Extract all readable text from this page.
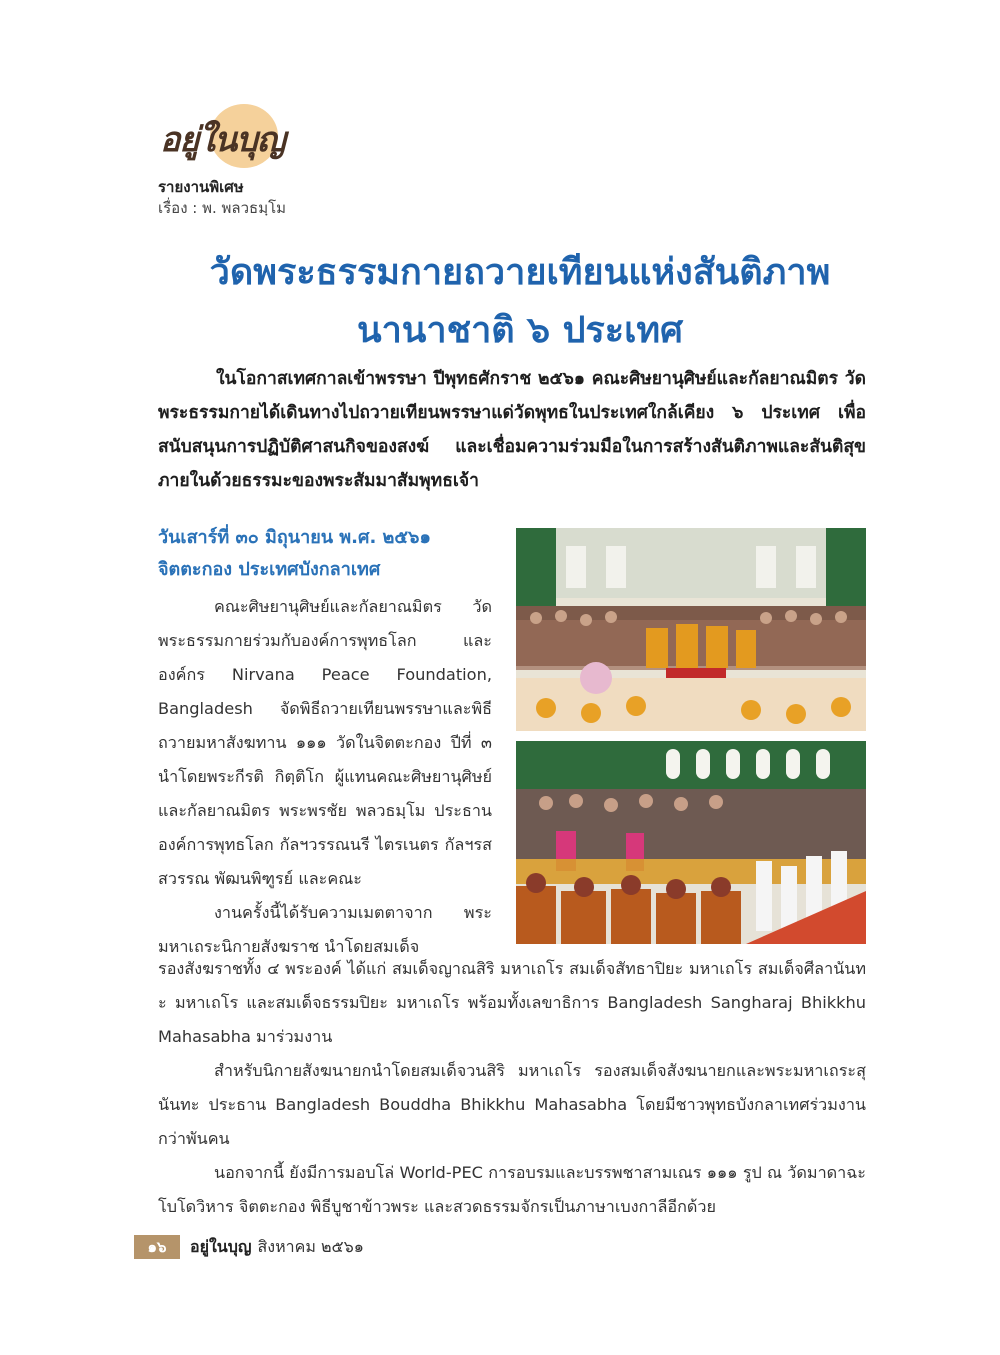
อยู่ในบุญ
รายงานพิเศษ
เรื่อง : พ. พลวธมฺโม
วัดพระธรรมกายถวายเทียนแห่งสันติภาพ
นานาชาติ ๖ ประเทศ
ในโอกาสเทศกาลเข้าพรรษา ปีพุทธศักราช ๒๕๖๑ คณะศิษยานุศิษย์และกัลยาณมิตร วัดพระธรรมกายได้เดินทางไปถวายเทียนพรรษาแด่วัดพุทธในประเทศใกล้เคียง ๖ ประเทศ เพื่อสนับสนุนการปฏิบัติศาสนกิจของสงฆ์ และเชื่อมความร่วมมือในการสร้างสันติภาพและสันติสุขภายในด้วยธรรมะของพระสัมมาสัมพุทธเจ้า
วันเสาร์ที่ ๓๐ มิถุนายน พ.ศ. ๒๕๖๑
จิตตะกอง ประเทศบังกลาเทศ

คณะศิษยานุศิษย์และกัลยาณมิตร วัดพระธรรมกายร่วมกับองค์การพุทธโลก และองค์กร Nirvana Peace Foundation, Bangladesh จัดพิธีถวายเทียนพรรษาและพิธีถวายมหาสังฆทาน ๑๑๑ วัดในจิตตะกอง ปีที่ ๓ นำโดยพระกีรติ กิตฺติโก ผู้แทนคณะศิษยานุศิษย์และกัลยาณมิตร พระพรชัย พลวธมฺโม ประธานองค์การพุทธโลก กัลฯวรรณนรี ไตรเนตร กัลฯรสสวรรณ พัฒนพิฑูรย์ และคณะ

งานครั้งนี้ได้รับความเมตตาจาก พระมหาเถระนิกายสังฆราช นำโดยสมเด็จ

รองสังฆราชทั้ง ๔ พระองค์ ได้แก่ สมเด็จญาณสิริ มหาเถโร สมเด็จสัทธาปิยะ มหาเถโร สมเด็จศีลานันทะ มหาเถโร และสมเด็จธรรมปิยะ มหาเถโร พร้อมทั้งเลขาธิการ Bangladesh Sangharaj Bhikkhu Mahasabha มาร่วมงาน

สำหรับนิกายสังฆนายกนำโดยสมเด็จวนสิริ มหาเถโร รองสมเด็จสังฆนายกและพระมหาเถระสุนันทะ ประธาน Bangladesh Bouddha Bhikkhu Mahasabha โดยมีชาวพุทธบังกลาเทศร่วมงานกว่าพันคน

นอกจากนี้ ยังมีการมอบโล่ World-PEC การอบรมและบรรพชาสามเณร ๑๑๑ รูป ณ วัดมาดาฉะ โบโดวิหาร จิตตะกอง พิธีบูชาข้าวพระ และสวดธรรมจักรเป็นภาษาเบงกาลีอีกด้วย

๑๖	อยู่ในบุญ สิงหาคม ๒๕๖๑
